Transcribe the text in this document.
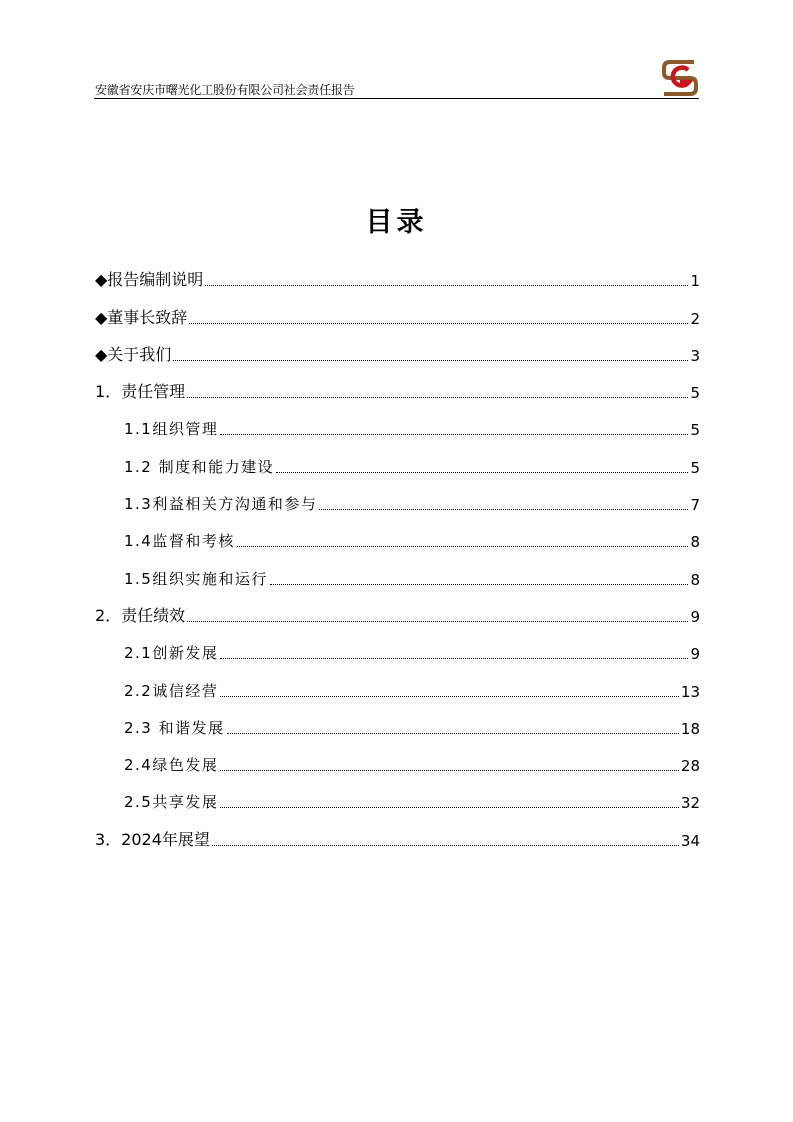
安徽省安庆市曙光化工股份有限公司社会责任报告
目录
◆报告编制说明	1
◆董事长致辞	2
◆关于我们	3
1．责任管理	5
1.1组织管理	5
1.2 制度和能力建设	5
1.3利益相关方沟通和参与	7
1.4监督和考核	8
1.5组织实施和运行	8
2．责任绩效	9
2.1创新发展	9
2.2诚信经营	13
2.3 和谐发展	18
2.4绿色发展	28
2.5共享发展	32
3．2024年展望	34
